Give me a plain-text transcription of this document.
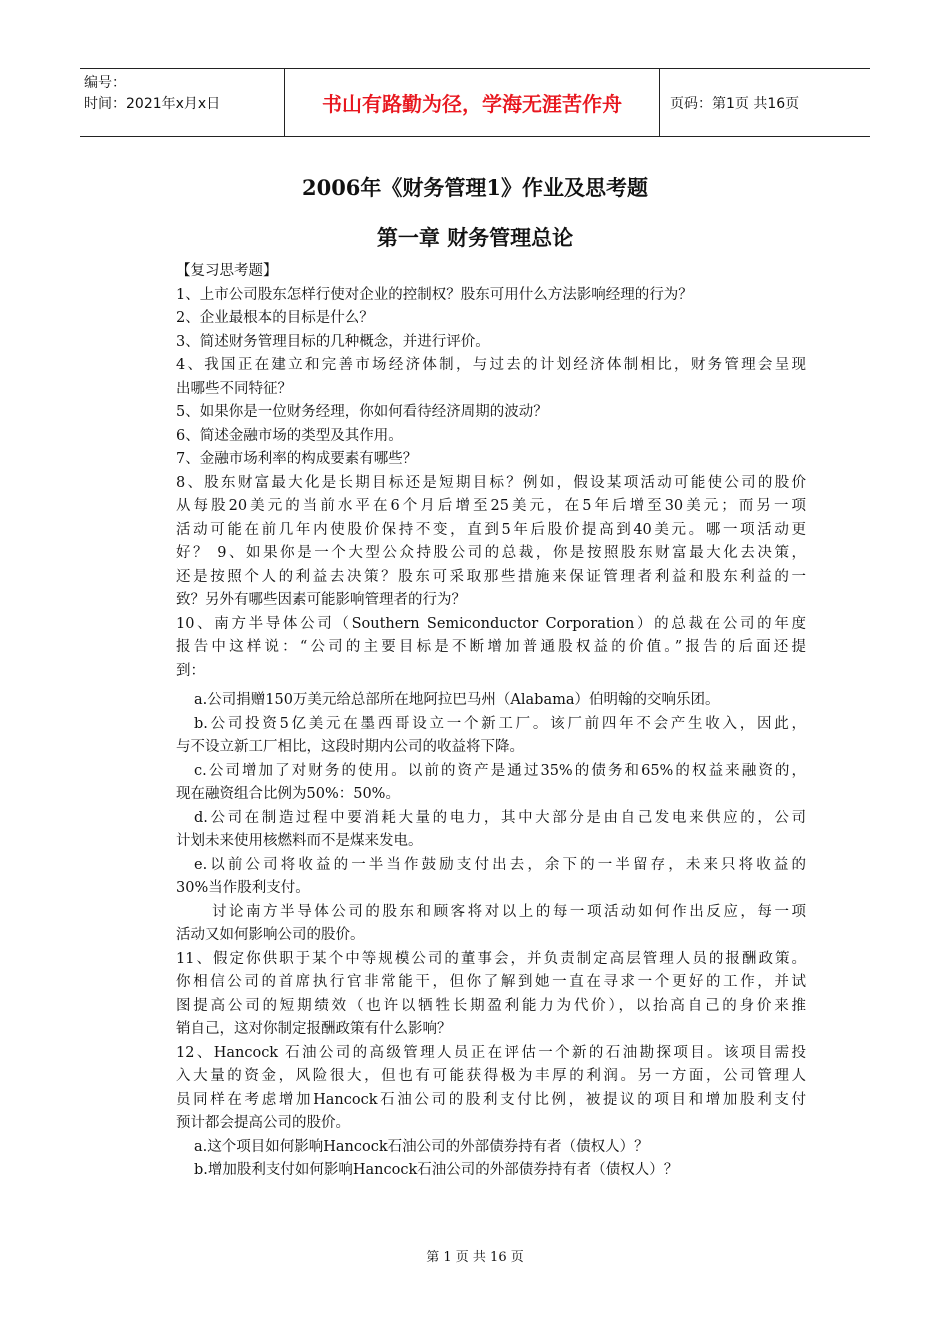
编号：
时间：2021年x月x日	书山有路勤为径，学海无涯苦作舟	页码：第1页 共16页
2006年《财务管理1》作业及思考题
第一章 财务管理总论
【复习思考题】
1、上市公司股东怎样行使对企业的控制权？股东可用什么方法影响经理的行为？
2、企业最根本的目标是什么？
3、简述财务管理目标的几种概念，并进行评价。
4、我国正在建立和完善市场经济体制，与过去的计划经济体制相比，财务管理会呈现
出哪些不同特征？
5、如果你是一位财务经理，你如何看待经济周期的波动？
6、简述金融市场的类型及其作用。
7、金融市场利率的构成要素有哪些？
8、股东财富最大化是长期目标还是短期目标？例如，假设某项活动可能使公司的股价
从每股20美元的当前水平在6个月后增至25美元，在5年后增至30美元；而另一项
活动可能在前几年内使股价保持不变，直到5年后股价提高到40美元。哪一项活动更
好？ 9、如果你是一个大型公众持股公司的总裁，你是按照股东财富最大化去决策，
还是按照个人的利益去决策？股东可采取那些措施来保证管理者利益和股东利益的一
致？另外有哪些因素可能影响管理者的行为？
10、南方半导体公司（Southern Semiconductor Corporation）的总裁在公司的年度
报告中这样说：“公司的主要目标是不断增加普通股权益的价值。”报告的后面还提
到：
a.公司捐赠150万美元给总部所在地阿拉巴马州（Alabama）伯明翰的交响乐团。
b.公司投资5亿美元在墨西哥设立一个新工厂。该厂前四年不会产生收入，因此，
与不设立新工厂相比，这段时期内公司的收益将下降。
c.公司增加了对财务的使用。以前的资产是通过35%的债务和65%的权益来融资的，
现在融资组合比例为50%：50%。
d.公司在制造过程中要消耗大量的电力，其中大部分是由自己发电来供应的，公司
计划未来使用核燃料而不是煤来发电。
e.以前公司将收益的一半当作鼓励支付出去，余下的一半留存，未来只将收益的
30%当作股利支付。
讨论南方半导体公司的股东和顾客将对以上的每一项活动如何作出反应，每一项
活动又如何影响公司的股价。
11、假定你供职于某个中等规模公司的董事会，并负责制定高层管理人员的报酬政策。
你相信公司的首席执行官非常能干，但你了解到她一直在寻求一个更好的工作，并试
图提高公司的短期绩效（也许以牺牲长期盈利能力为代价），以抬高自己的身价来推
销自己，这对你制定报酬政策有什么影响？
12、Hancock 石油公司的高级管理人员正在评估一个新的石油勘探项目。该项目需投
入大量的资金，风险很大，但也有可能获得极为丰厚的利润。另一方面，公司管理人
员同样在考虑增加Hancock石油公司的股利支付比例，被提议的项目和增加股利支付
预计都会提高公司的股价。
a.这个项目如何影响Hancock石油公司的外部债券持有者（债权人）？
b.增加股利支付如何影响Hancock石油公司的外部债券持有者（债权人）？
第 1 页 共 16 页
